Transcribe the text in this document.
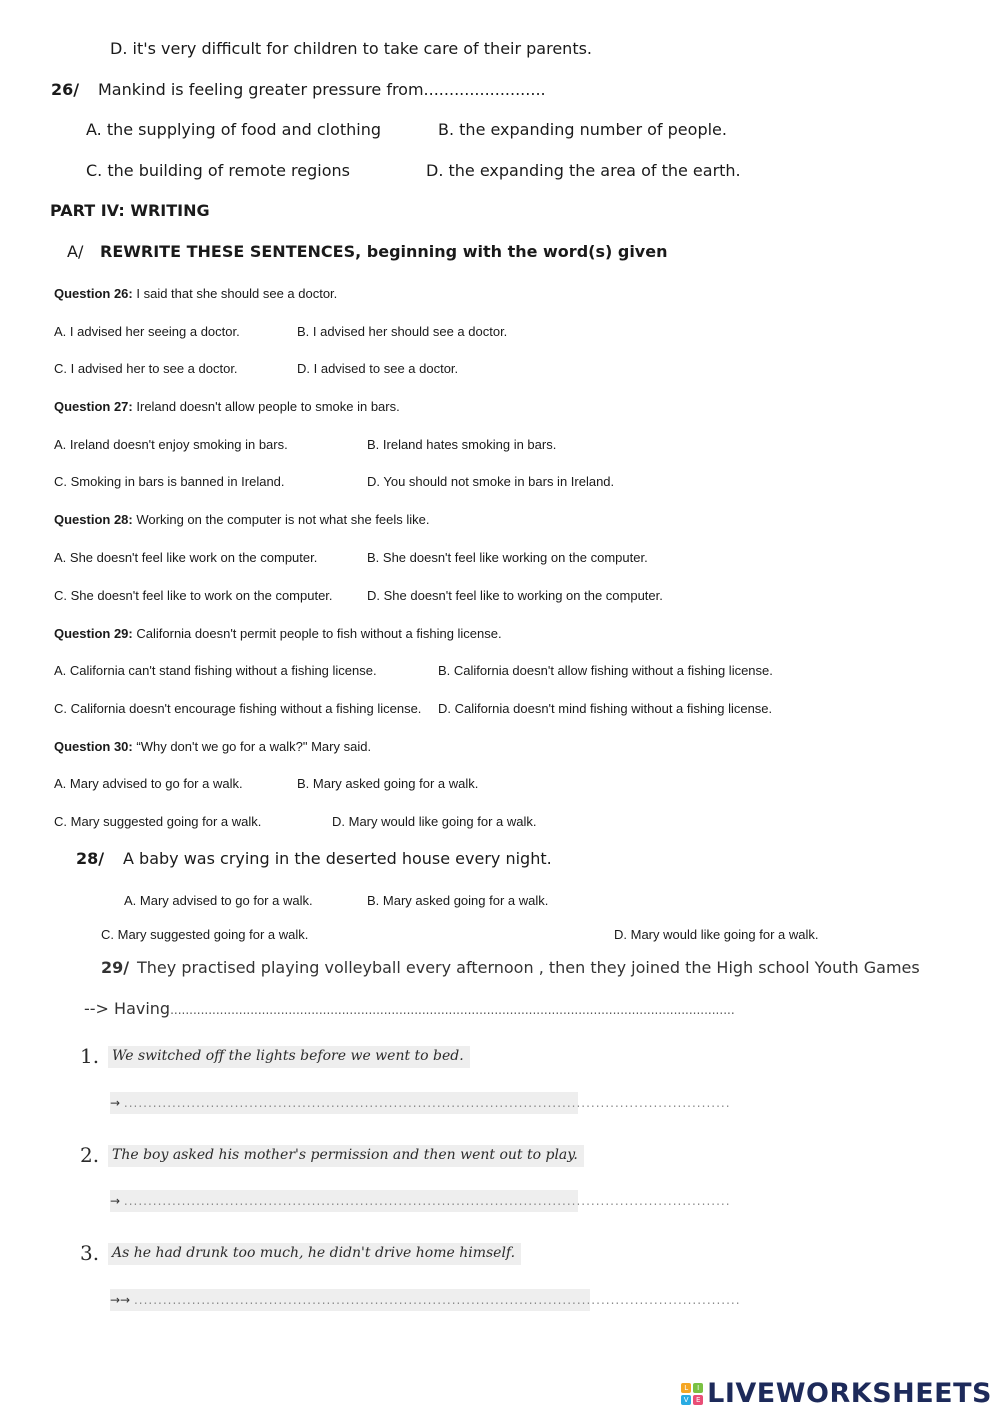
D. it's very difficult for children to take care of their parents.
26/ Mankind is feeling greater pressure from........................
A. the supplying of food and clothing	B. the expanding number of people.
C. the building of remote regions	D. the expanding the area of the earth.
PART IV: WRITING
A/ REWRITE THESE SENTENCES, beginning with the word(s) given
Question 26: I said that she should see a doctor.
A. I advised her seeing a doctor.	B. I advised her should see a doctor.
C. I advised her to see a doctor.	D. I advised to see a doctor.
Question 27: Ireland doesn't allow people to smoke in bars.
A. Ireland doesn't enjoy smoking in bars.	B. Ireland hates smoking in bars.
C. Smoking in bars is banned in Ireland.	D. You should not smoke in bars in Ireland.
Question 28: Working on the computer is not what she feels like.
A. She doesn't feel like work on the computer.	B. She doesn't feel like working on the computer.
C. She doesn't feel like to work on the computer.	D. She doesn't feel like to working on the computer.
Question 29: California doesn't permit people to fish without a fishing license.
A. California can't stand fishing without a fishing license.	B. California doesn't allow fishing without a fishing license.
C. California doesn't encourage fishing without a fishing license. D. California doesn't mind fishing without a fishing license.
Question 30: “Why don't we go for a walk?" Mary said.
A. Mary advised to go for a walk.	B. Mary asked going for a walk.
C. Mary suggested going for a walk.	D. Mary would like going for a walk.
28/ A baby was crying in the deserted house every night.
A. Mary advised to go for a walk.	B. Mary asked going for a walk.
C. Mary suggested going for a walk.	D. Mary would like going for a walk.
29/ They practised playing volleyball every afternoon , then they joined the High school Youth Games
--> Having....................................................................................................................................................
1. We switched off the lights before we went to bed.
→ ..............................................................................................................................
2. The boy asked his mother's permission and then went out to play.
→ ..............................................................................................................................
3. As he had drunk too much, he didn't drive home himself.
→→ ..............................................................................................................................
L	I
V	E LIVEWORKSHEETS
